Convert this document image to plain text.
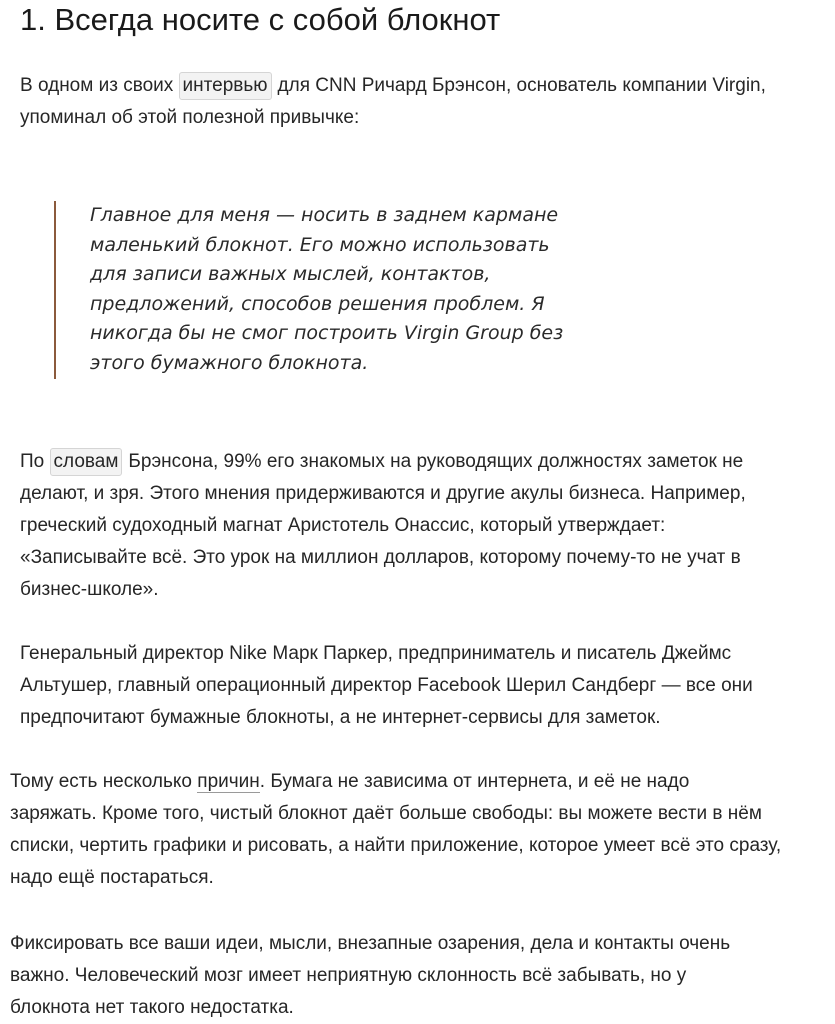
1. Всегда носите с собой блокнот

В одном из своих интервью для CNN Ричард Брэнсон, основатель компании Virgin,
упоминал об этой полезной привычке:

Главное для меня — носить в заднем кармане
маленький блокнот. Его можно использовать
для записи важных мыслей, контактов,
предложений, способов решения проблем. Я
никогда бы не смог построить Virgin Group без
этого бумажного блокнота.

По словам Брэнсона, 99% его знакомых на руководящих должностях заметок не
делают, и зря. Этого мнения придерживаются и другие акулы бизнеса. Например,
греческий судоходный магнат Аристотель Онассис, который утверждает:
«Записывайте всё. Это урок на миллион долларов, которому почему-то не учат в
бизнес-школе».

Генеральный директор Nike Марк Паркер, предприниматель и писатель Джеймс
Альтушер, главный операционный директор Facebook Шерил Сандберг — все они
предпочитают бумажные блокноты, а не интернет-сервисы для заметок.

Тому есть несколько причин. Бумага не зависима от интернета, и её не надо
заряжать. Кроме того, чистый блокнот даёт больше свободы: вы можете вести в нём
списки, чертить графики и рисовать, а найти приложение, которое умеет всё это сразу,
надо ещё постараться.

Фиксировать все ваши идеи, мысли, внезапные озарения, дела и контакты очень
важно. Человеческий мозг имеет неприятную склонность всё забывать, но у
блокнота нет такого недостатка.
